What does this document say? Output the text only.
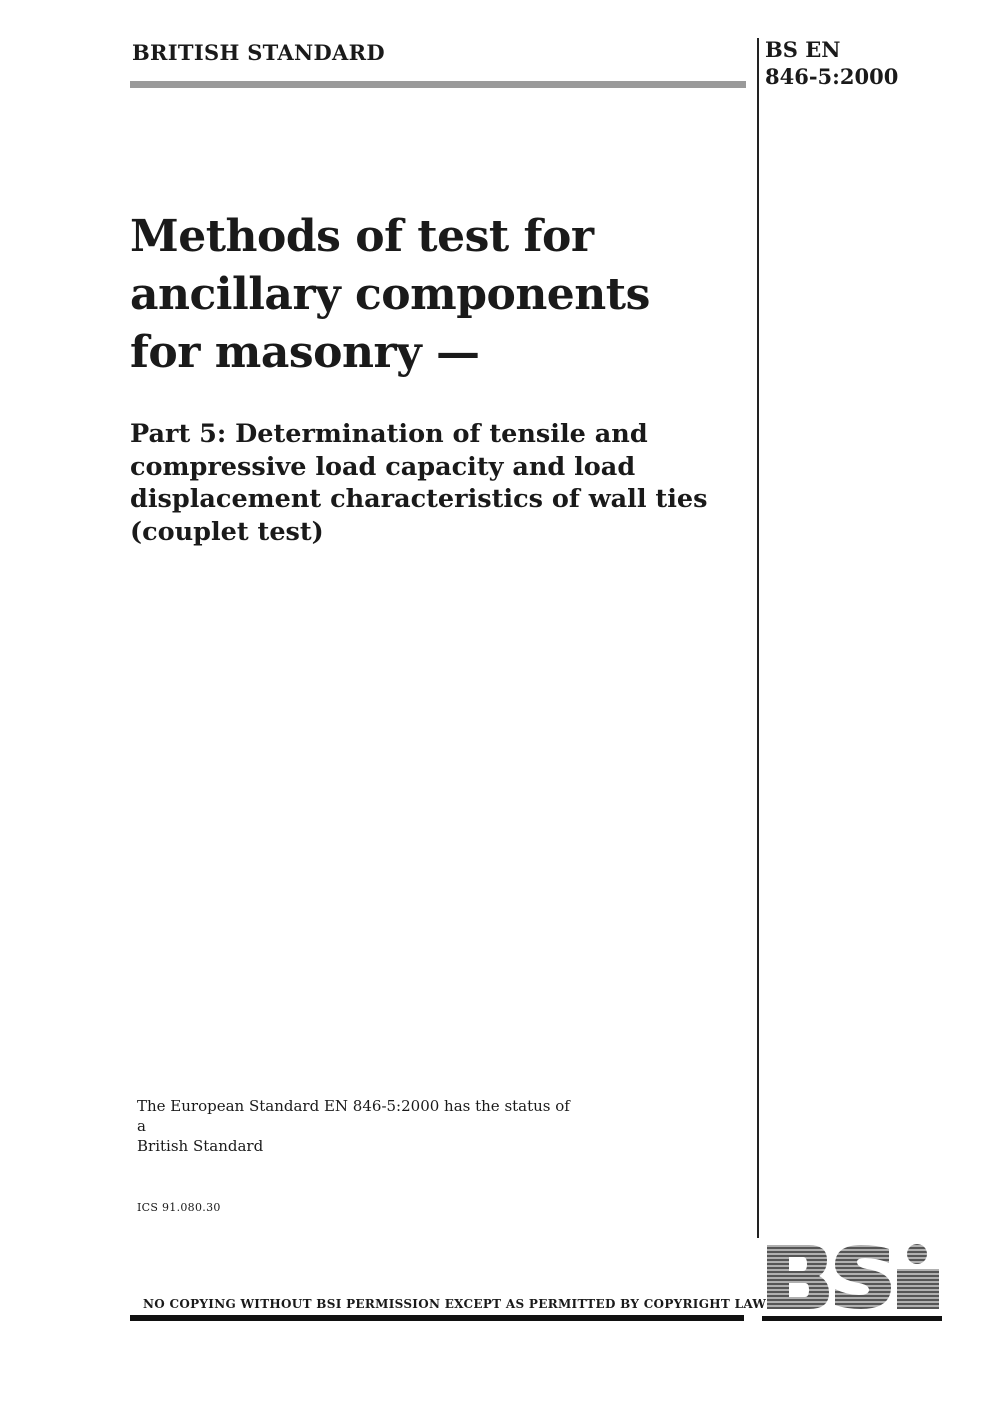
BRITISH STANDARD	BS EN
846-5:2000
Methods of test for
ancillary components
for masonry —
Part 5: Determination of tensile and
compressive load capacity and load
displacement characteristics of wall ties
(couplet test)
The European Standard EN 846-5:2000 has the status of a
British Standard
ICS 91.080.30
NO COPYING WITHOUT BSI PERMISSION EXCEPT AS PERMITTED BY COPYRIGHT LAW
